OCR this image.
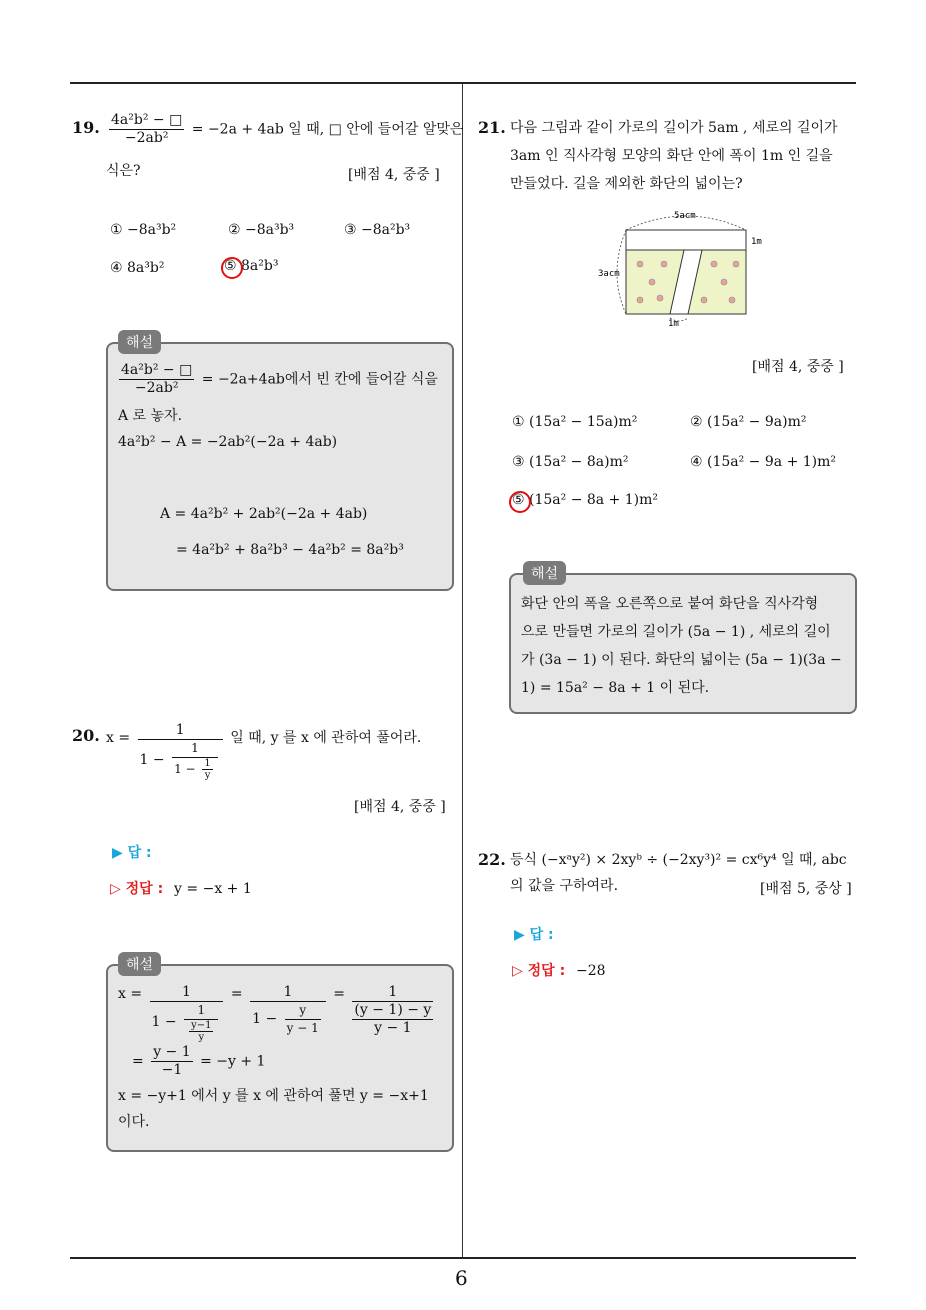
19. $\frac{\text{4a²b² − □}}{\text{−2ab²}} = -2a + 4ab$ 일 때, □ 안에 들어갈 알맞은
식은?	[배점 4, 중중 ]
① −8a³b²	② −8a³b³	③ −8a²b³
④ 8a³b²	⑤ 8a²b³
해설
$\frac{\text{4a²b² − □}}{\text{−2ab²}} = -2a+4ab$에서 빈 칸에 들어갈 식을
A 로 놓자.
4a²b² − A = −2ab²(−2a + 4ab)
A = 4a²b² + 2ab²(−2a + 4ab)
= 4a²b² + 8a²b³ − 4a²b² = 8a²b³
20. $x = \frac{1}{1 - \frac{1}{1 - \frac{1}{y}}}$ 일 때, y 를 x 에 관하여 풀어라.
[배점 4, 중중 ]
▶ 답 :
▷ 정답 : y = −x + 1
해설
x = 1
1 − 1
y−1
$y = \frac{1}{1 - \frac{y}{y - 1}}$ =	1
(y − 1) − y
y − 1
= $\frac{y - 1}{-1} = -y + 1$
x = −y+1 에서 y 를 x 에 관하여 풀면 y = −x+1
이다.
21. 다음 그림과 같이 가로의 길이가 5am , 세로의 길이가
3am 인 직사각형 모양의 화단 안에 폭이 1m 인 길을
만들었다. 길을 제외한 화단의 넓이는?
5acm
1m
3acm
1m
[배점 4, 중중 ]
① (15a² − 15a)m²	② (15a² − 9a)m²
③ (15a² − 8a)m²	④ (15a² − 9a + 1)m²
⑤ (15a² − 8a + 1)m²
해설
화단 안의 폭을 오른쪽으로 붙여 화단을 직사각형
으로 만들면 가로의 길이가 (5a − 1) , 세로의 길이
가 (3a − 1) 이 된다. 화단의 넓이는 (5a − 1)(3a −
1) = 15a² − 8a + 1 이 된다.
22. 등식 (−xᵃy²) × 2xyᵇ ÷ (−2xy³)² = cx⁶y⁴ 일 때, abc
의 값을 구하여라.	[배점 5, 중상 ]
▶ 답 :
▷ 정답 : −28
6
